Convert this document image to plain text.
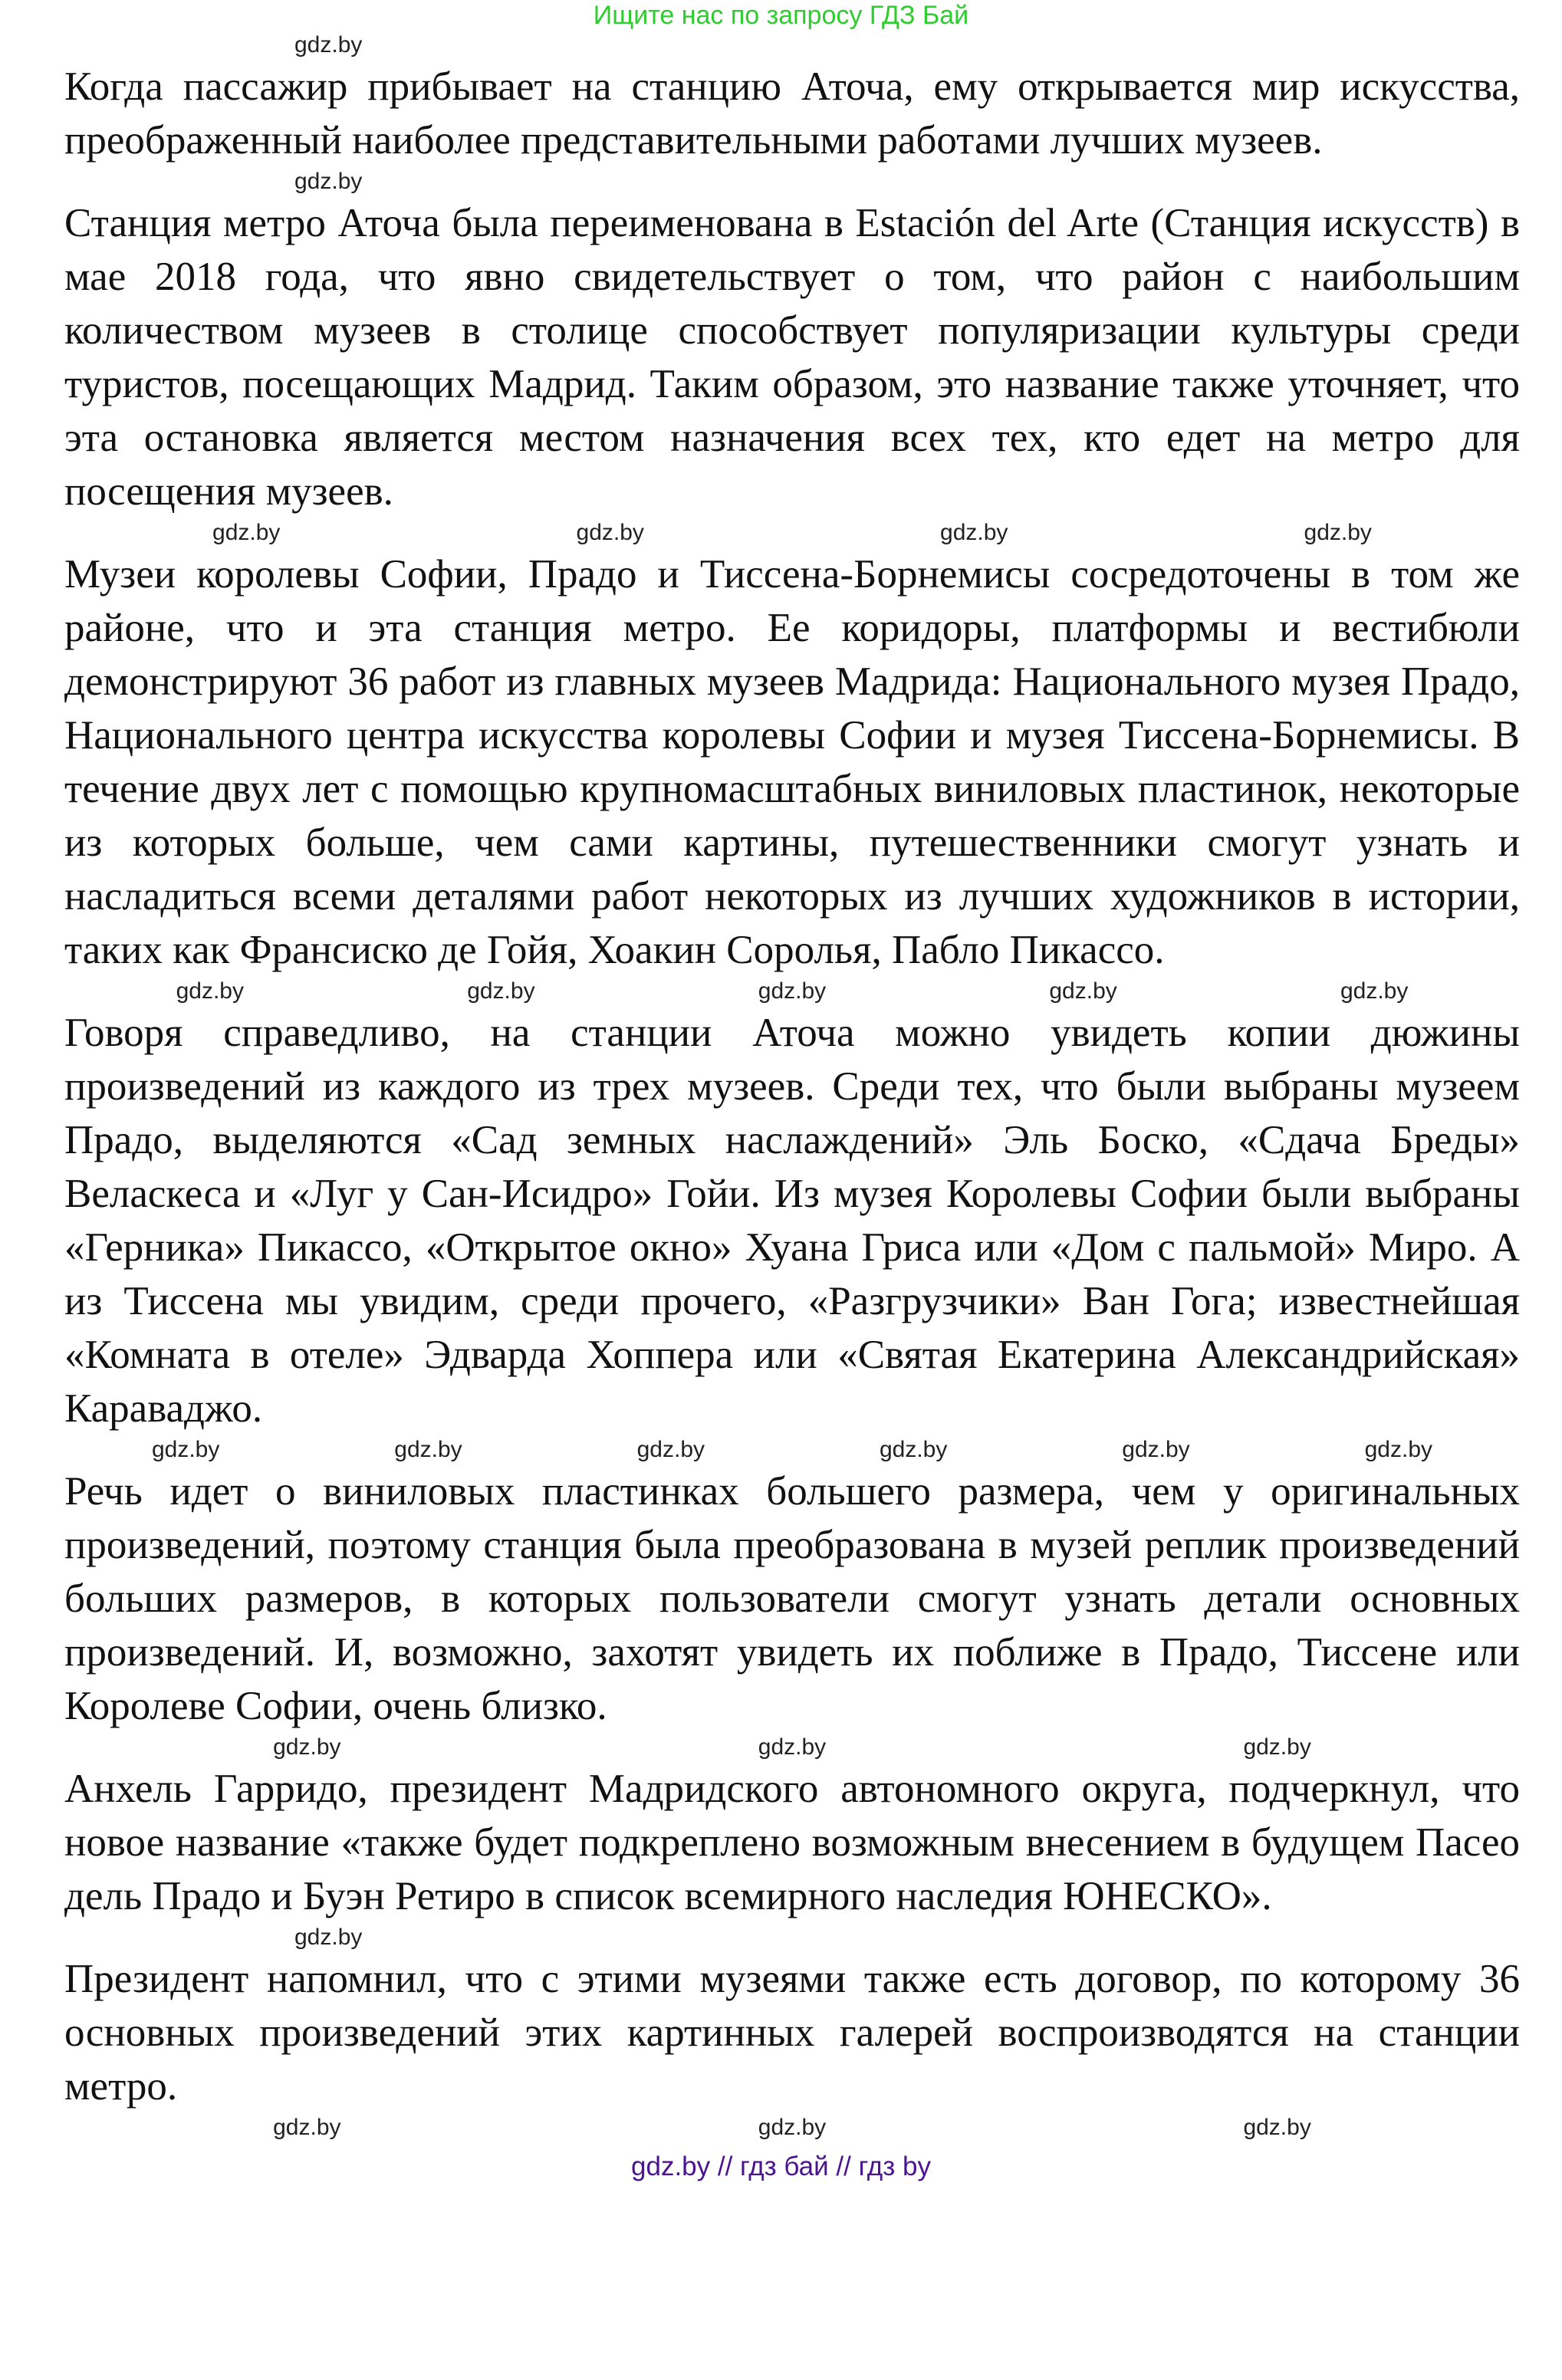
Ищите нас по запросу ГДЗ Бай
gdz.by

Когда пассажир прибывает на станцию Аточа, ему открывается мир искусства, преображенный наиболее представительными работами лучших музеев.

gdz.by

Станция метро Аточа была переименована в Estación del Arte (Станция искусств) в мае 2018 года, что явно свидетельствует о том, что район с наибольшим количеством музеев в столице способствует популяризации культуры среди туристов, посещающих Мадрид. Таким образом, это название также уточняет, что эта остановка является местом назначения всех тех, кто едет на метро для посещения музеев.

gdz.by	gdz.by	gdz.by	gdz.by

Музеи королевы Софии, Прадо и Тиссена-Борнемисы сосредоточены в том же районе, что и эта станция метро. Ее коридоры, платформы и вестибюли демонстрируют 36 работ из главных музеев Мадрида: Национального музея Прадо, Национального центра искусства королевы Софии и музея Тиссена-Борнемисы. В течение двух лет с помощью крупномасштабных виниловых пластинок, некоторые из которых больше, чем сами картины, путешественники смогут узнать и насладиться всеми деталями работ некоторых из лучших художников в истории, таких как Франсиско де Гойя, Хоакин Соролья, Пабло Пикассо.

gdz.by	gdz.by	gdz.by	gdz.by	gdz.by

Говоря справедливо, на станции Аточа можно увидеть копии дюжины произведений из каждого из трех музеев. Среди тех, что были выбраны музеем Прадо, выделяются «Сад земных наслаждений» Эль Боско, «Сдача Бреды» Веласкеса и «Луг у Сан-Исидро» Гойи. Из музея Королевы Софии были выбраны «Герника» Пикассо, «Открытое окно» Хуана Гриса или «Дом с пальмой» Миро. А из Тиссена мы увидим, среди прочего, «Разгрузчики» Ван Гога; известнейшая «Комната в отеле» Эдварда Хоппера или «Святая Екатерина Александрийская» Караваджо.

gdz.by	gdz.by	gdz.by	gdz.by	gdz.by	gdz.by

Речь идет о виниловых пластинках большего размера, чем у оригинальных произведений, поэтому станция была преобразована в музей реплик произведений больших размеров, в которых пользователи смогут узнать детали основных произведений. И, возможно, захотят увидеть их поближе в Прадо, Тиссене или Королеве Софии, очень близко.

gdz.by	gdz.by	gdz.by

Анхель Гарридо, президент Мадридского автономного округа, подчеркнул, что новое название «также будет подкреплено возможным внесением в будущем Пасео дель Прадо и Буэн Ретиро в список всемирного наследия ЮНЕСКО».

gdz.by

Президент напомнил, что с этими музеями также есть договор, по которому 36 основных произведений этих картинных галерей воспроизводятся на станции метро.

gdz.by	gdz.by	gdz.by
gdz.by // гдз бай // гдз by
